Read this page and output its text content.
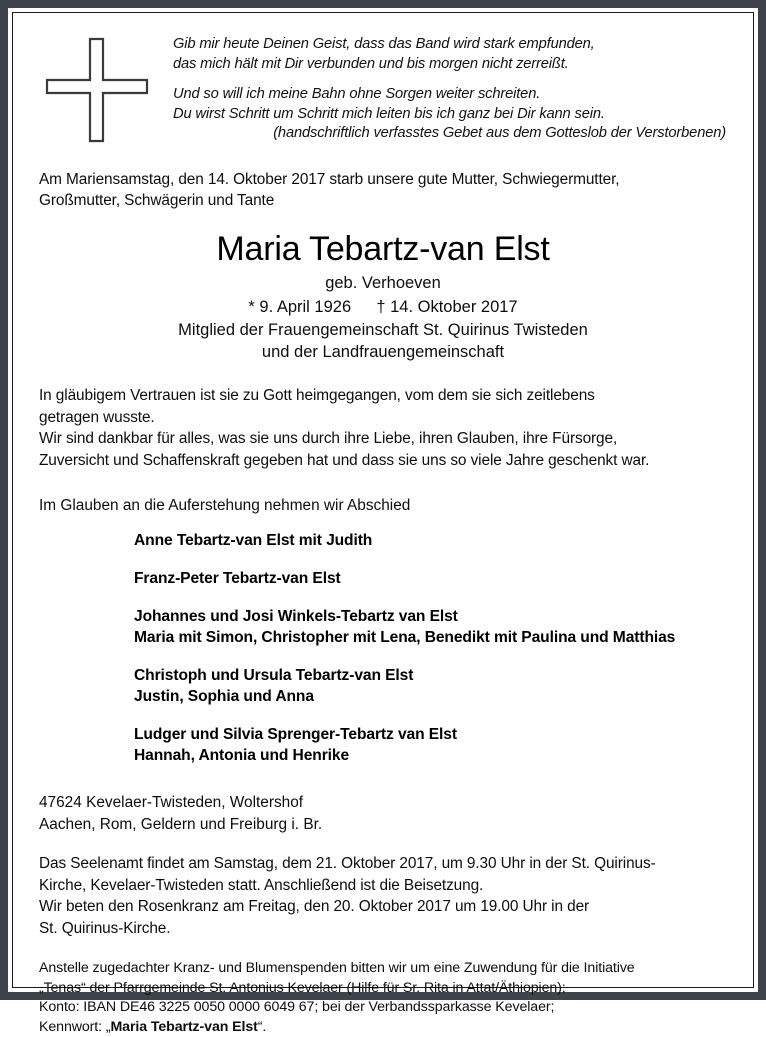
Gib mir heute Deinen Geist, dass das Band wird stark empfunden,

das mich hält mit Dir verbunden und bis morgen nicht zerreißt.

Und so will ich meine Bahn ohne Sorgen weiter schreiten.

Du wirst Schritt um Schritt mich leiten bis ich ganz bei Dir kann sein.

(handschriftlich verfasstes Gebet aus dem Gotteslob der Verstorbenen)

Am Mariensamstag, den 14. Oktober 2017 starb unsere gute Mutter, Schwiegermutter,
Großmutter, Schwägerin und Tante
Maria Tebartz-van Elst
geb. Verhoeven
* 9. April 1926 † 14. Oktober 2017
Mitglied der Frauengemeinschaft St. Quirinus Twisteden
und der Landfrauengemeinschaft
In gläubigem Vertrauen ist sie zu Gott heimgegangen, vom dem sie sich zeitlebens
getragen wusste.
Wir sind dankbar für alles, was sie uns durch ihre Liebe, ihren Glauben, ihre Fürsorge,
Zuversicht und Schaffenskraft gegeben hat und dass sie uns so viele Jahre geschenkt war.
Im Glauben an die Auferstehung nehmen wir Abschied
Anne Tebartz-van Elst mit Judith
Franz-Peter Tebartz-van Elst
Johannes und Josi Winkels-Tebartz van Elst
Maria mit Simon, Christopher mit Lena, Benedikt mit Paulina und Matthias
Christoph und Ursula Tebartz-van Elst
Justin, Sophia und Anna
Ludger und Silvia Sprenger-Tebartz van Elst
Hannah, Antonia und Henrike
47624 Kevelaer-Twisteden, Woltershof
Aachen, Rom, Geldern und Freiburg i. Br.
Das Seelenamt findet am Samstag, dem 21. Oktober 2017, um 9.30 Uhr in der St. Quirinus-
Kirche, Kevelaer-Twisteden statt. Anschließend ist die Beisetzung.
Wir beten den Rosenkranz am Freitag, den 20. Oktober 2017 um 19.00 Uhr in der
St. Quirinus-Kirche.
Anstelle zugedachter Kranz- und Blumenspenden bitten wir um eine Zuwendung für die Initiative
„Tenas“ der Pfarrgemeinde St. Antonius Kevelaer (Hilfe für Sr. Rita in Attat/Äthiopien);
Konto: IBAN DE46 3225 0050 0000 6049 67; bei der Verbandssparkasse Kevelaer;
Kennwort: „Maria Tebartz-van Elst“.
